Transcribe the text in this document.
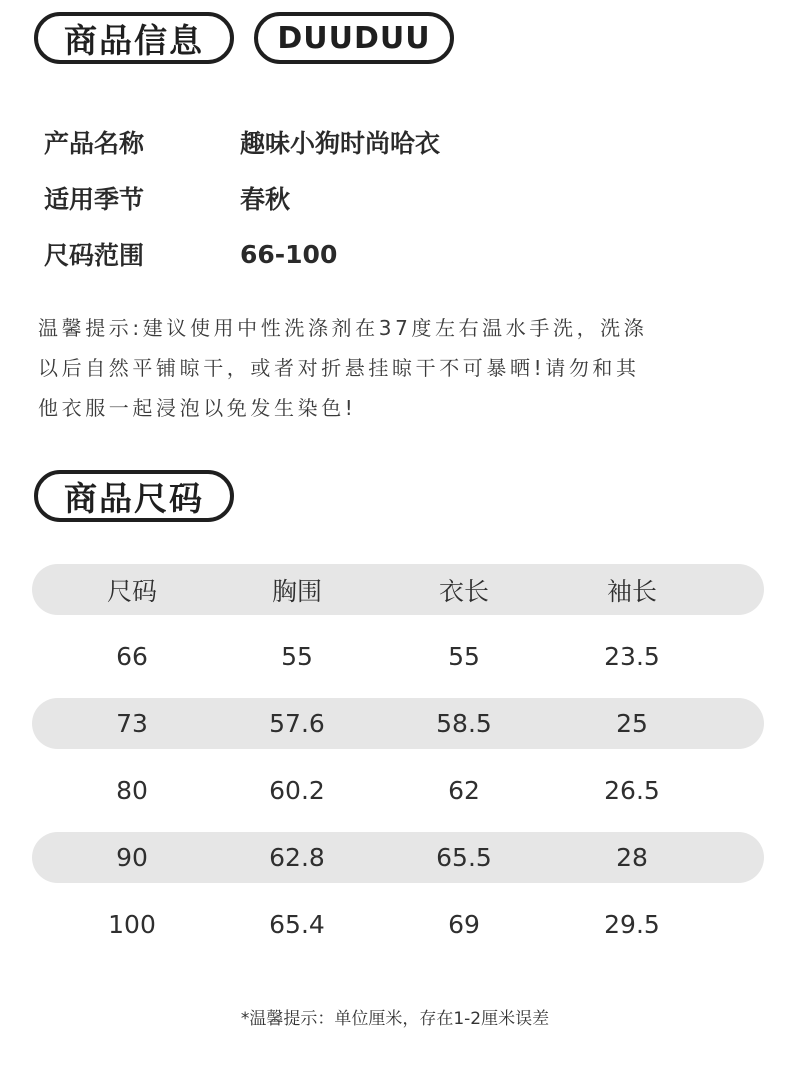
商品信息 DUUDUU
产品名称	趣味小狗时尚哈衣
适用季节	春秋
尺码范围	66-100
温馨提示:建议使用中性洗涤剂在37度左右温水手洗，洗涤
以后自然平铺晾干，或者对折悬挂晾干不可暴晒!请勿和其
他衣服一起浸泡以免发生染色!
商品尺码
尺码	胸围	衣长	袖长
66	55	55	23.5
73	57.6	58.5	25
80	60.2	62	26.5
90	62.8	65.5	28
100	65.4	69	29.5
*温馨提示：单位厘米，存在1-2厘米误差
